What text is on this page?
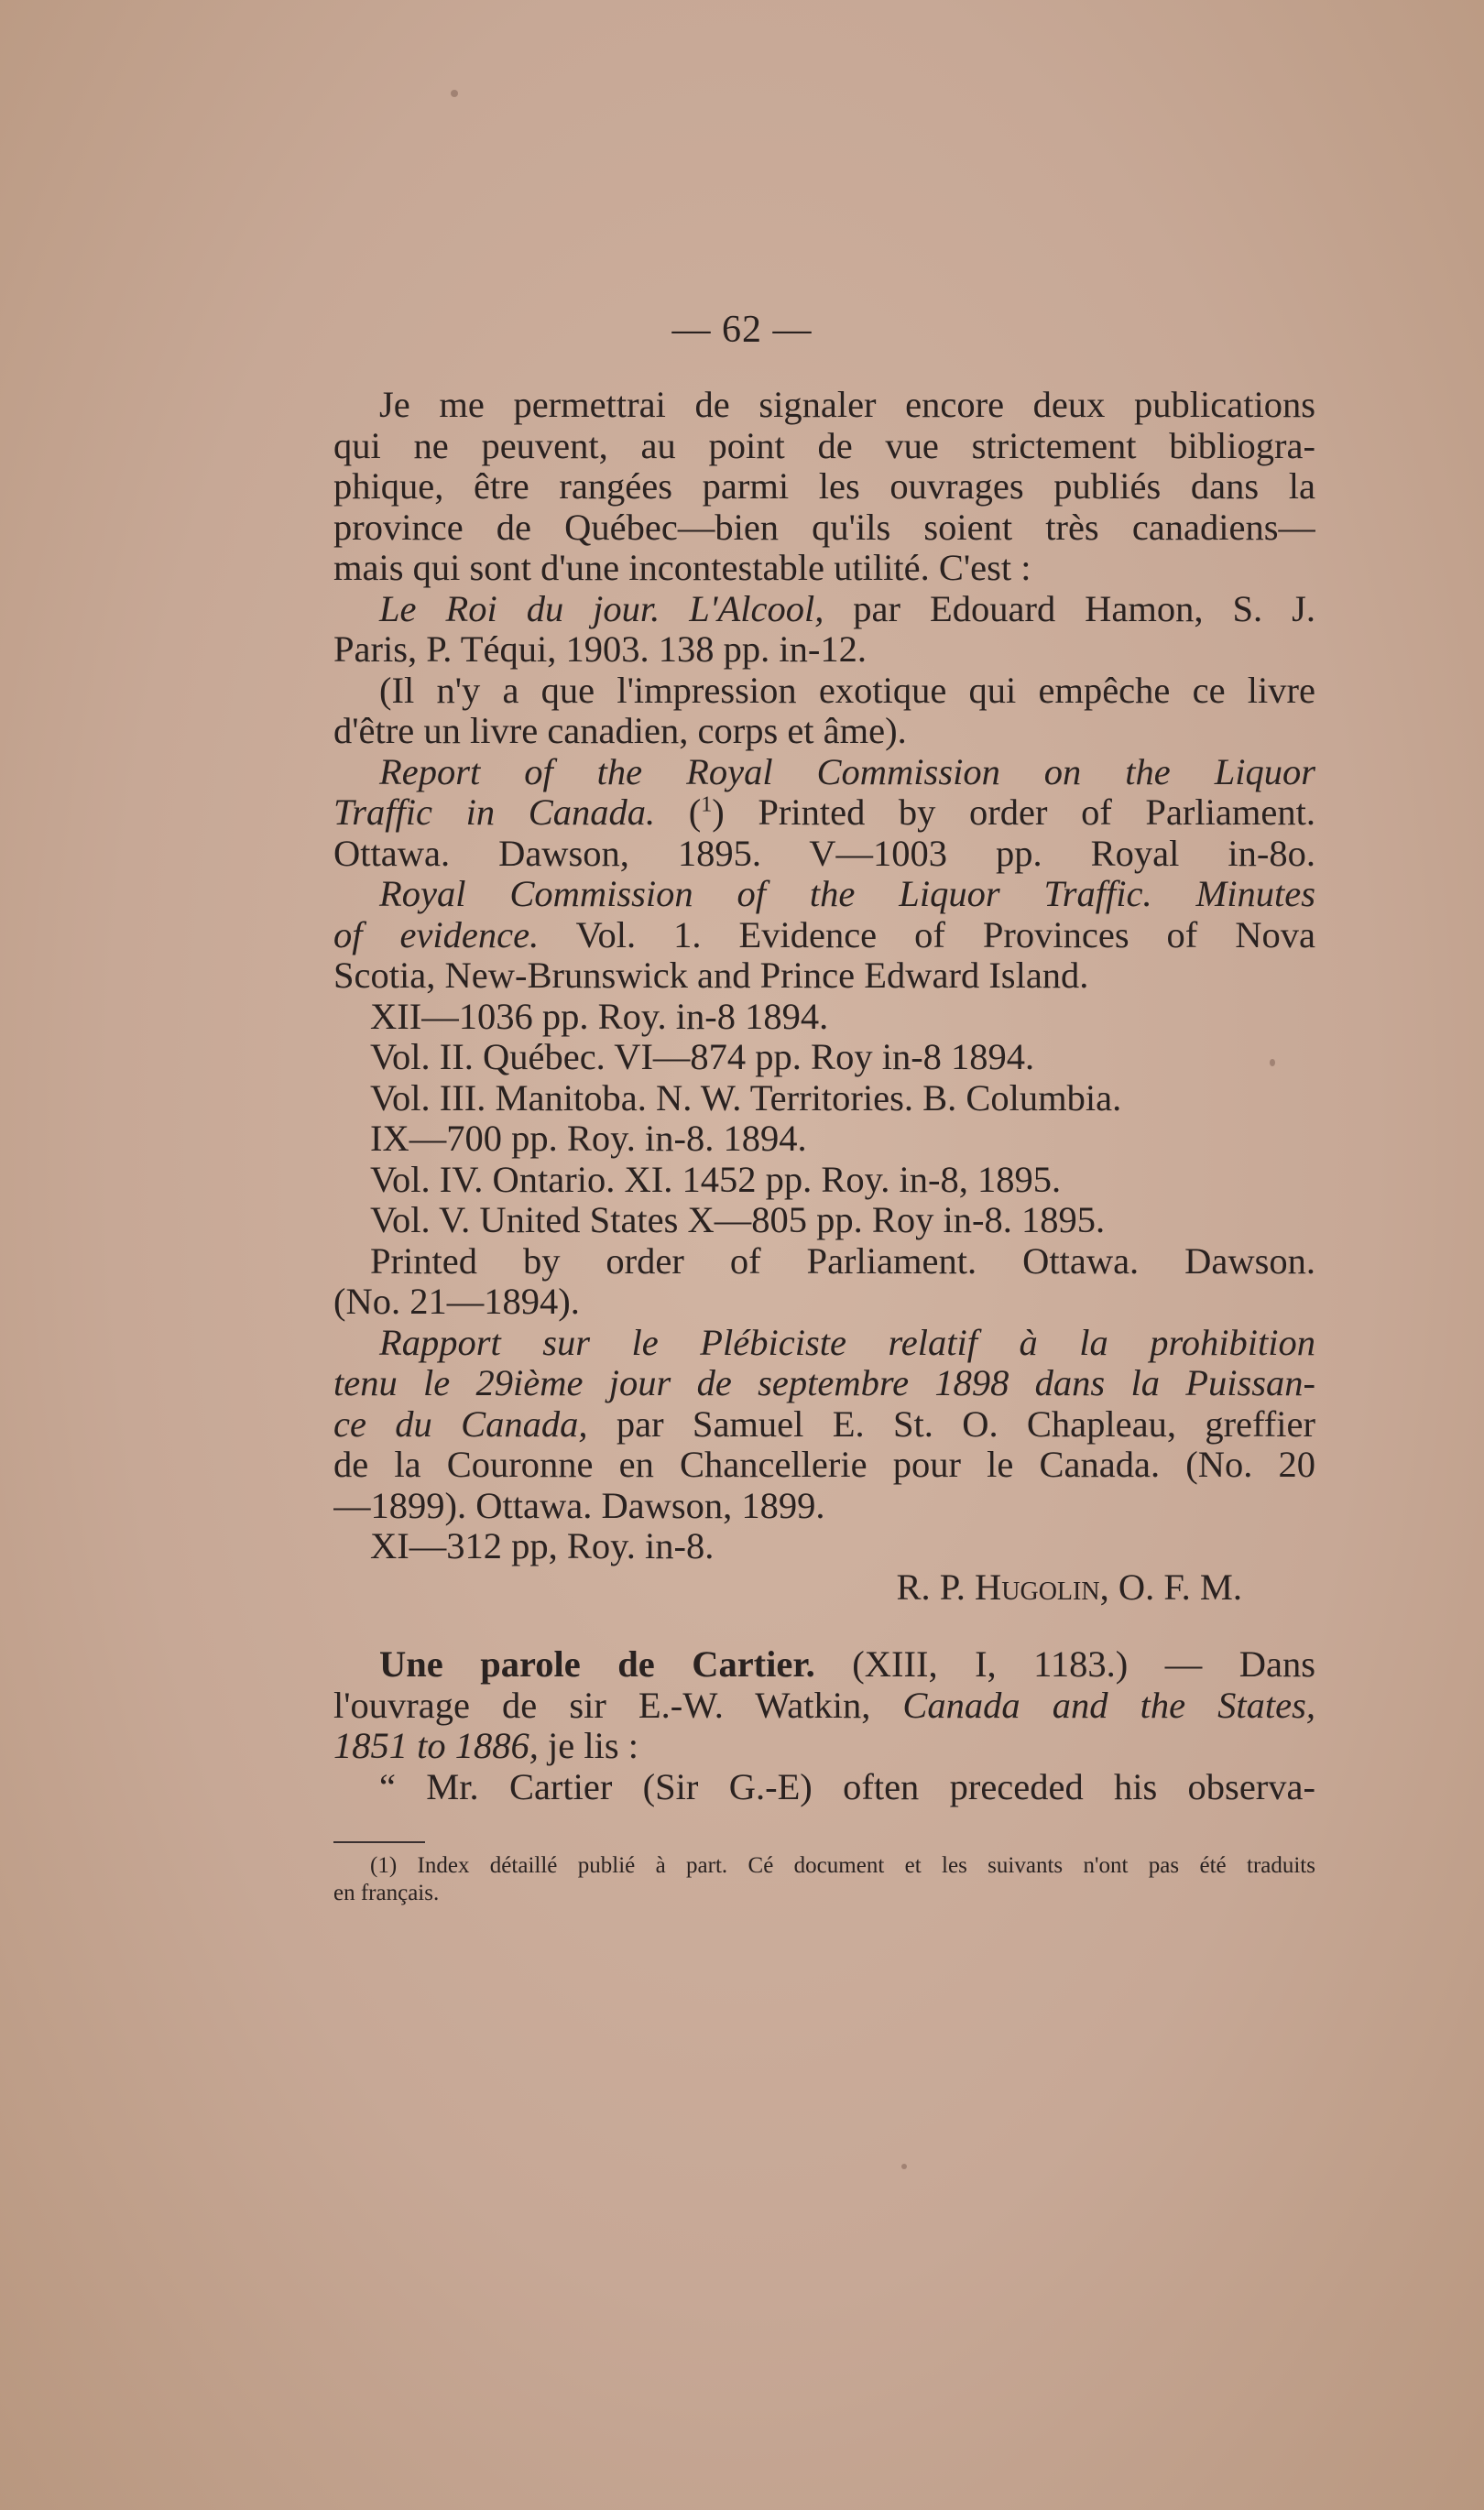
— 62 —
Je me permettrai de signaler encore deux publications
qui ne peuvent, au point de vue strictement bibliogra-
phique, être rangées parmi les ouvrages publiés dans la
province de Québec—bien qu'ils soient très canadiens—
mais qui sont d'une incontestable utilité. C'est :
Le Roi du jour. L'Alcool, par Edouard Hamon, S. J.
Paris, P. Téqui, 1903. 138 pp. in-12.
(Il n'y a que l'impression exotique qui empêche ce livre
d'être un livre canadien, corps et âme).
Report of the Royal Commission on the Liquor
Traffic in Canada. ($^1$) Printed by order of Parliament.
Ottawa. Dawson, 1895. V—1003 pp. Royal in-8o.
Royal Commission of the Liquor Traffic. Minutes
of evidence. Vol. 1. Evidence of Provinces of Nova
Scotia, New-Brunswick and Prince Edward Island.
XII—1036 pp. Roy. in-8 1894.
Vol. II. Québec. VI—874 pp. Roy in-8 1894.
Vol. III. Manitoba. N. W. Territories. B. Columbia.
IX—700 pp. Roy. in-8. 1894.
Vol. IV. Ontario. XI. 1452 pp. Roy. in-8, 1895.
Vol. V. United States X—805 pp. Roy in-8. 1895.
Printed by order of Parliament. Ottawa. Dawson.
(No. 21—1894).
Rapport sur le Plébiciste relatif à la prohibition
tenu le 29ième jour de septembre 1898 dans la Puissan-
ce du Canada, par Samuel E. St. O. Chapleau, greffier
de la Couronne en Chancellerie pour le Canada. (No. 20
—1899). Ottawa. Dawson, 1899.
XI—312 pp, Roy. in-8.
R. P. Hugolin, O. F. M.
Une parole de Cartier. (XIII, I, 1183.) — Dans
l'ouvrage de sir E.-W. Watkin, Canada and the States,
1851 to 1886, je lis :
“ Mr. Cartier (Sir G.-E) often preceded his observa-
(1) Index détaillé publié à part. Cé document et les suivants n'ont pas été traduits
en français.
